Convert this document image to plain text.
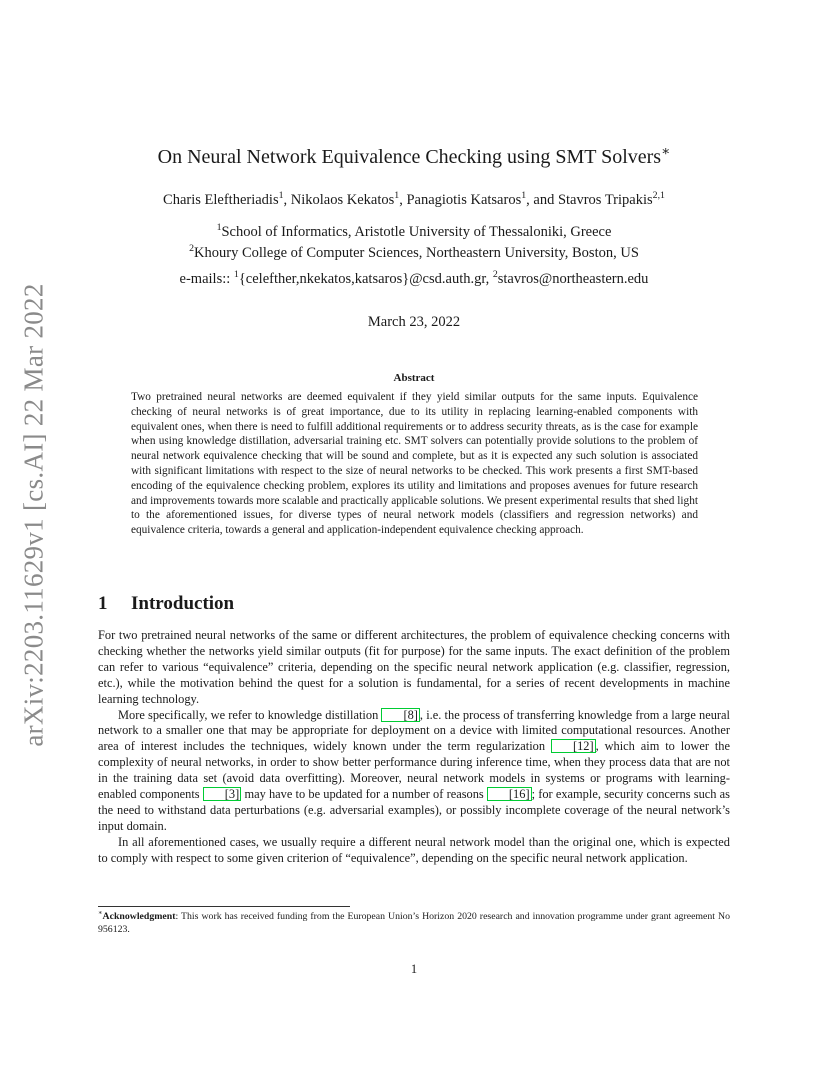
arXiv:2203.11629v1 [cs.AI] 22 Mar 2022
On Neural Network Equivalence Checking using SMT Solvers∗
Charis Eleftheriadis$^1$, Nikolaos Kekatos$^1$, Panagiotis Katsaros$^1$, and Stavros Tripakis$^{2,1}$
$^1$School of Informatics, Aristotle University of Thessaloniki, Greece
$^2$Khoury College of Computer Sciences, Northeastern University, Boston, US
e-mails:: $^1${celefther,nkekatos,katsaros}@csd.auth.gr, $^2$stavros@northeastern.edu
March 23, 2022
Abstract
Two pretrained neural networks are deemed equivalent if they yield similar outputs for the same inputs. Equivalence checking of neural networks is of great importance, due to its utility in replacing learning-enabled components with equivalent ones, when there is need to fulfill additional requirements or to address security threats, as is the case for example when using knowledge distillation, adversarial training etc. SMT solvers can potentially provide solutions to the problem of neural network equivalence checking that will be sound and complete, but as it is expected any such solution is associated with significant limitations with respect to the size of neural networks to be checked. This work presents a first SMT-based encoding of the equivalence checking problem, explores its utility and limitations and proposes avenues for future research and improvements towards more scalable and practically applicable solutions. We present experimental results that shed light to the aforementioned issues, for diverse types of neural network models (classifiers and regression networks) and equivalence criteria, towards a general and application-independent equivalence checking approach.
1 Introduction

For two pretrained neural networks of the same or different architectures, the problem of equivalence checking concerns with checking whether the networks yield similar outputs (fit for purpose) for the same inputs. The exact definition of the problem can refer to various “equivalence” criteria, depending on the specific neural network application (e.g. classifier, regression, etc.), while the motivation behind the quest for a solution is fundamental, for a series of recent developments in machine learning technology.

More specifically, we refer to knowledge distillation [8] , i.e. the process of transferring knowledge from a large neural network to a smaller one that may be appropriate for deployment on a device with limited computational resources. Another area of interest includes the techniques, widely known under the term regularization [12] , which aim to lower the complexity of neural networks, in order to show better performance during inference time, when they process data that are not in the training data set (avoid data overfitting). Moreover, neural network models in systems or programs with learning-enabled components [3] may have to be updated for a number of reasons [16] ; for example, security concerns such as the need to withstand data perturbations (e.g. adversarial examples), or possibly incomplete coverage of the neural network’s input domain.

In all aforementioned cases, we usually require a different neural network model than the original one, which is expected to comply with respect to some given criterion of “equivalence”, depending on the specific neural network application.

∗Acknowledgment: This work has received funding from the European Union’s Horizon 2020 research and innovation programme under grant agreement No 956123.
1
